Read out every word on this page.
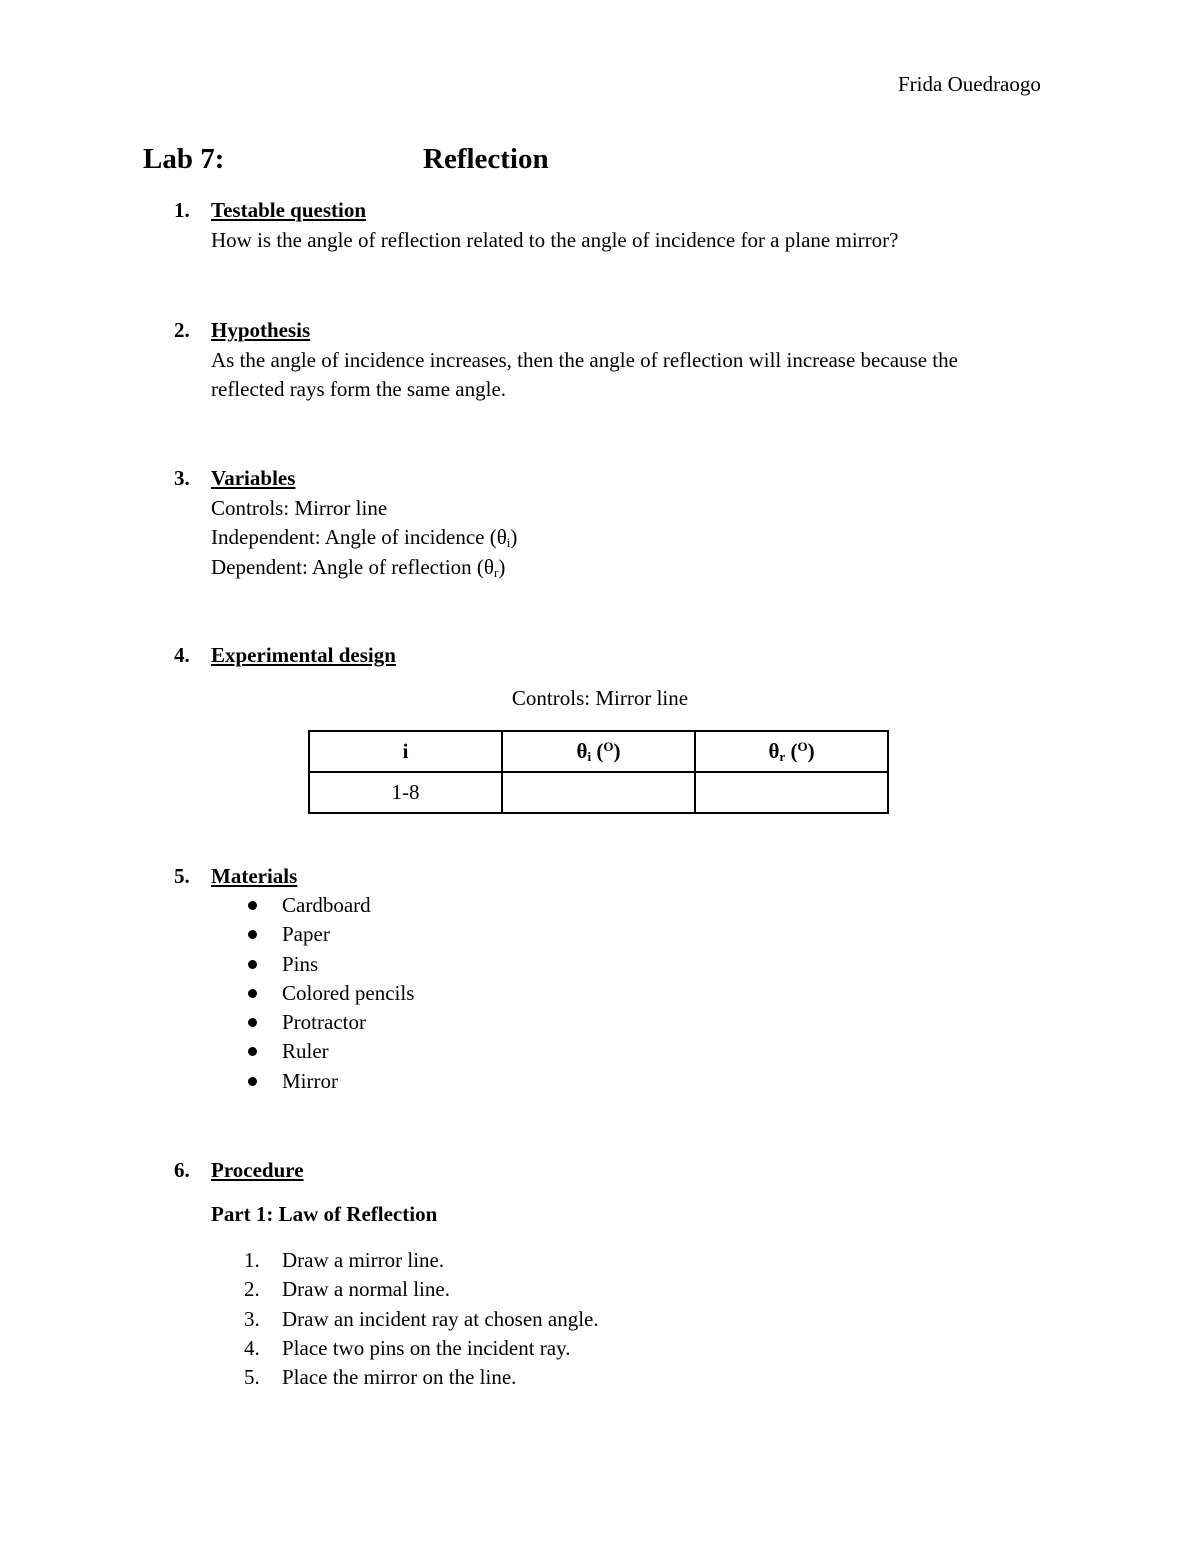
Frida Ouedraogo
Lab 7:	Reflection
1.	Testable question
How is the angle of reflection related to the angle of incidence for a plane mirror?
2.	Hypothesis
As the angle of incidence increases, then the angle of reflection will increase because the
reflected rays form the same angle.
3.	Variables
Controls: Mirror line
Independent: Angle of incidence $(\theta_i)$
Dependent: Angle of reflection $(\theta_r)$
4.	Experimental design
Controls: Mirror line
i	$\theta_i$ ($^O$)	$\theta_r$ ($^O$)
1-8		
5.	Materials
Cardboard
Paper
Pins
Colored pencils
Protractor
Ruler
Mirror
6.	Procedure
Part 1: Law of Reflection
1. Draw a mirror line.
2. Draw a normal line.
3. Draw an incident ray at chosen angle.
4. Place two pins on the incident ray.
5. Place the mirror on the line.
